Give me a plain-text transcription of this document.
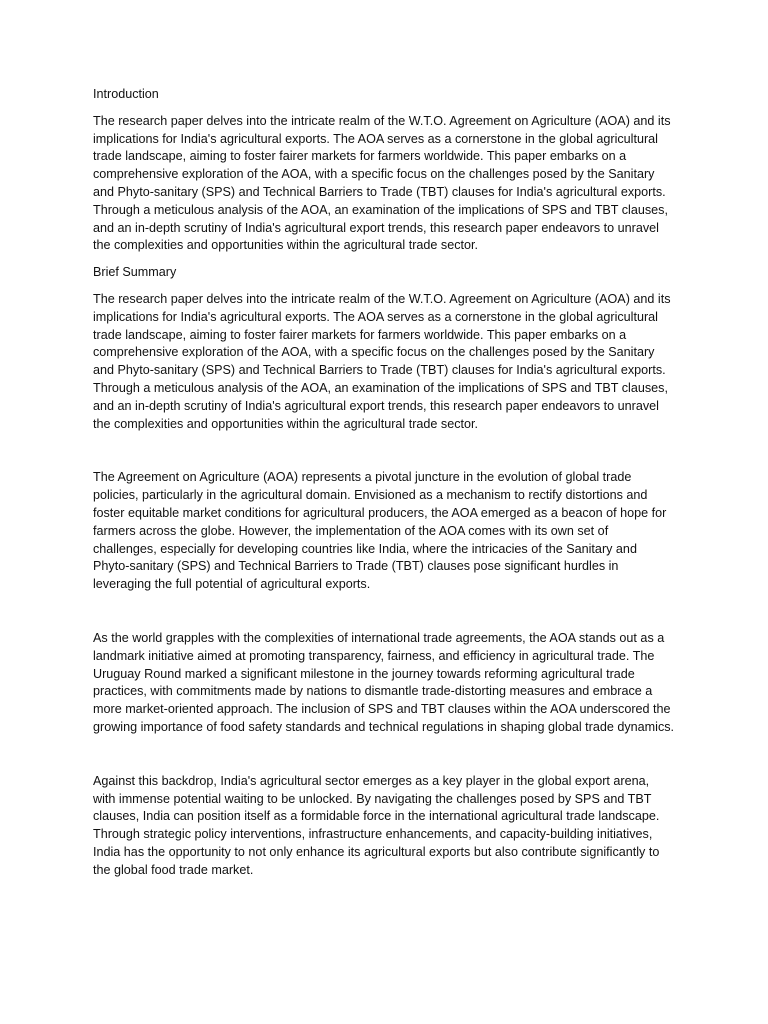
Introduction

The research paper delves into the intricate realm of the W.T.O. Agreement on Agriculture (AOA) and its implications for India's agricultural exports. The AOA serves as a cornerstone in the global agricultural trade landscape, aiming to foster fairer markets for farmers worldwide. This paper embarks on a comprehensive exploration of the AOA, with a specific focus on the challenges posed by the Sanitary and Phyto-sanitary (SPS) and Technical Barriers to Trade (TBT) clauses for India's agricultural exports. Through a meticulous analysis of the AOA, an examination of the implications of SPS and TBT clauses, and an in-depth scrutiny of India's agricultural export trends, this research paper endeavors to unravel the complexities and opportunities within the agricultural trade sector.

Brief Summary

The research paper delves into the intricate realm of the W.T.O. Agreement on Agriculture (AOA) and its implications for India's agricultural exports. The AOA serves as a cornerstone in the global agricultural trade landscape, aiming to foster fairer markets for farmers worldwide. This paper embarks on a comprehensive exploration of the AOA, with a specific focus on the challenges posed by the Sanitary and Phyto-sanitary (SPS) and Technical Barriers to Trade (TBT) clauses for India's agricultural exports. Through a meticulous analysis of the AOA, an examination of the implications of SPS and TBT clauses, and an in-depth scrutiny of India's agricultural export trends, this research paper endeavors to unravel the complexities and opportunities within the agricultural trade sector.

The Agreement on Agriculture (AOA) represents a pivotal juncture in the evolution of global trade policies, particularly in the agricultural domain. Envisioned as a mechanism to rectify distortions and foster equitable market conditions for agricultural producers, the AOA emerged as a beacon of hope for farmers across the globe. However, the implementation of the AOA comes with its own set of challenges, especially for developing countries like India, where the intricacies of the Sanitary and Phyto-sanitary (SPS) and Technical Barriers to Trade (TBT) clauses pose significant hurdles in leveraging the full potential of agricultural exports.

As the world grapples with the complexities of international trade agreements, the AOA stands out as a landmark initiative aimed at promoting transparency, fairness, and efficiency in agricultural trade. The Uruguay Round marked a significant milestone in the journey towards reforming agricultural trade practices, with commitments made by nations to dismantle trade-distorting measures and embrace a more market-oriented approach. The inclusion of SPS and TBT clauses within the AOA underscored the growing importance of food safety standards and technical regulations in shaping global trade dynamics.

Against this backdrop, India's agricultural sector emerges as a key player in the global export arena, with immense potential waiting to be unlocked. By navigating the challenges posed by SPS and TBT clauses, India can position itself as a formidable force in the international agricultural trade landscape. Through strategic policy interventions, infrastructure enhancements, and capacity-building initiatives, India has the opportunity to not only enhance its agricultural exports but also contribute significantly to the global food trade market.
